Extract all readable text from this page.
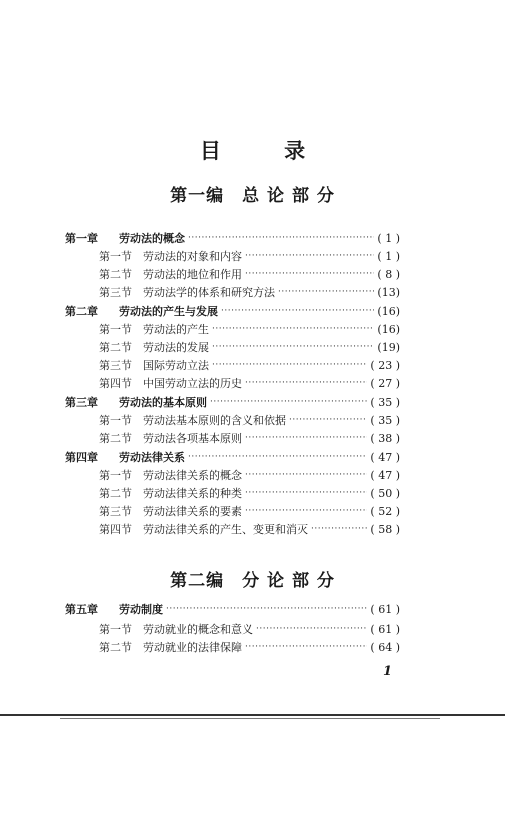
目 录
第一编 总 论 部 分
第一章	劳动法的概念 ·····	( 1 )
第一节	劳动法的对象和内容 ·····	( 1 )
第二节	劳动法的地位和作用 ·····	( 8 )
第三节	劳动法学的体系和研究方法 ·····	(13)
第二章	劳动法的产生与发展 ·····	(16)
第一节	劳动法的产生 ·····	(16)
第二节	劳动法的发展 ·····	(19)
第三节	国际劳动立法 ·····	( 23 )
第四节	中国劳动立法的历史 ·····	( 27 )
第三章	劳动法的基本原则 ·····	( 35 )
第一节	劳动法基本原则的含义和依据 ·····	( 35 )
第二节	劳动法各项基本原则 ·····	( 38 )
第四章	劳动法律关系 ·····	( 47 )
第一节	劳动法律关系的概念 ·····	( 47 )
第二节	劳动法律关系的种类 ·····	( 50 )
第三节	劳动法律关系的要素 ·····	( 52 )
第四节	劳动法律关系的产生、变更和消灭 ·····	( 58 )
第二编 分 论 部 分
第五章	劳动制度 ·····	( 61 )
第一节	劳动就业的概念和意义 ·····	( 61 )
第二节	劳动就业的法律保障 ·····	( 64 )
1
